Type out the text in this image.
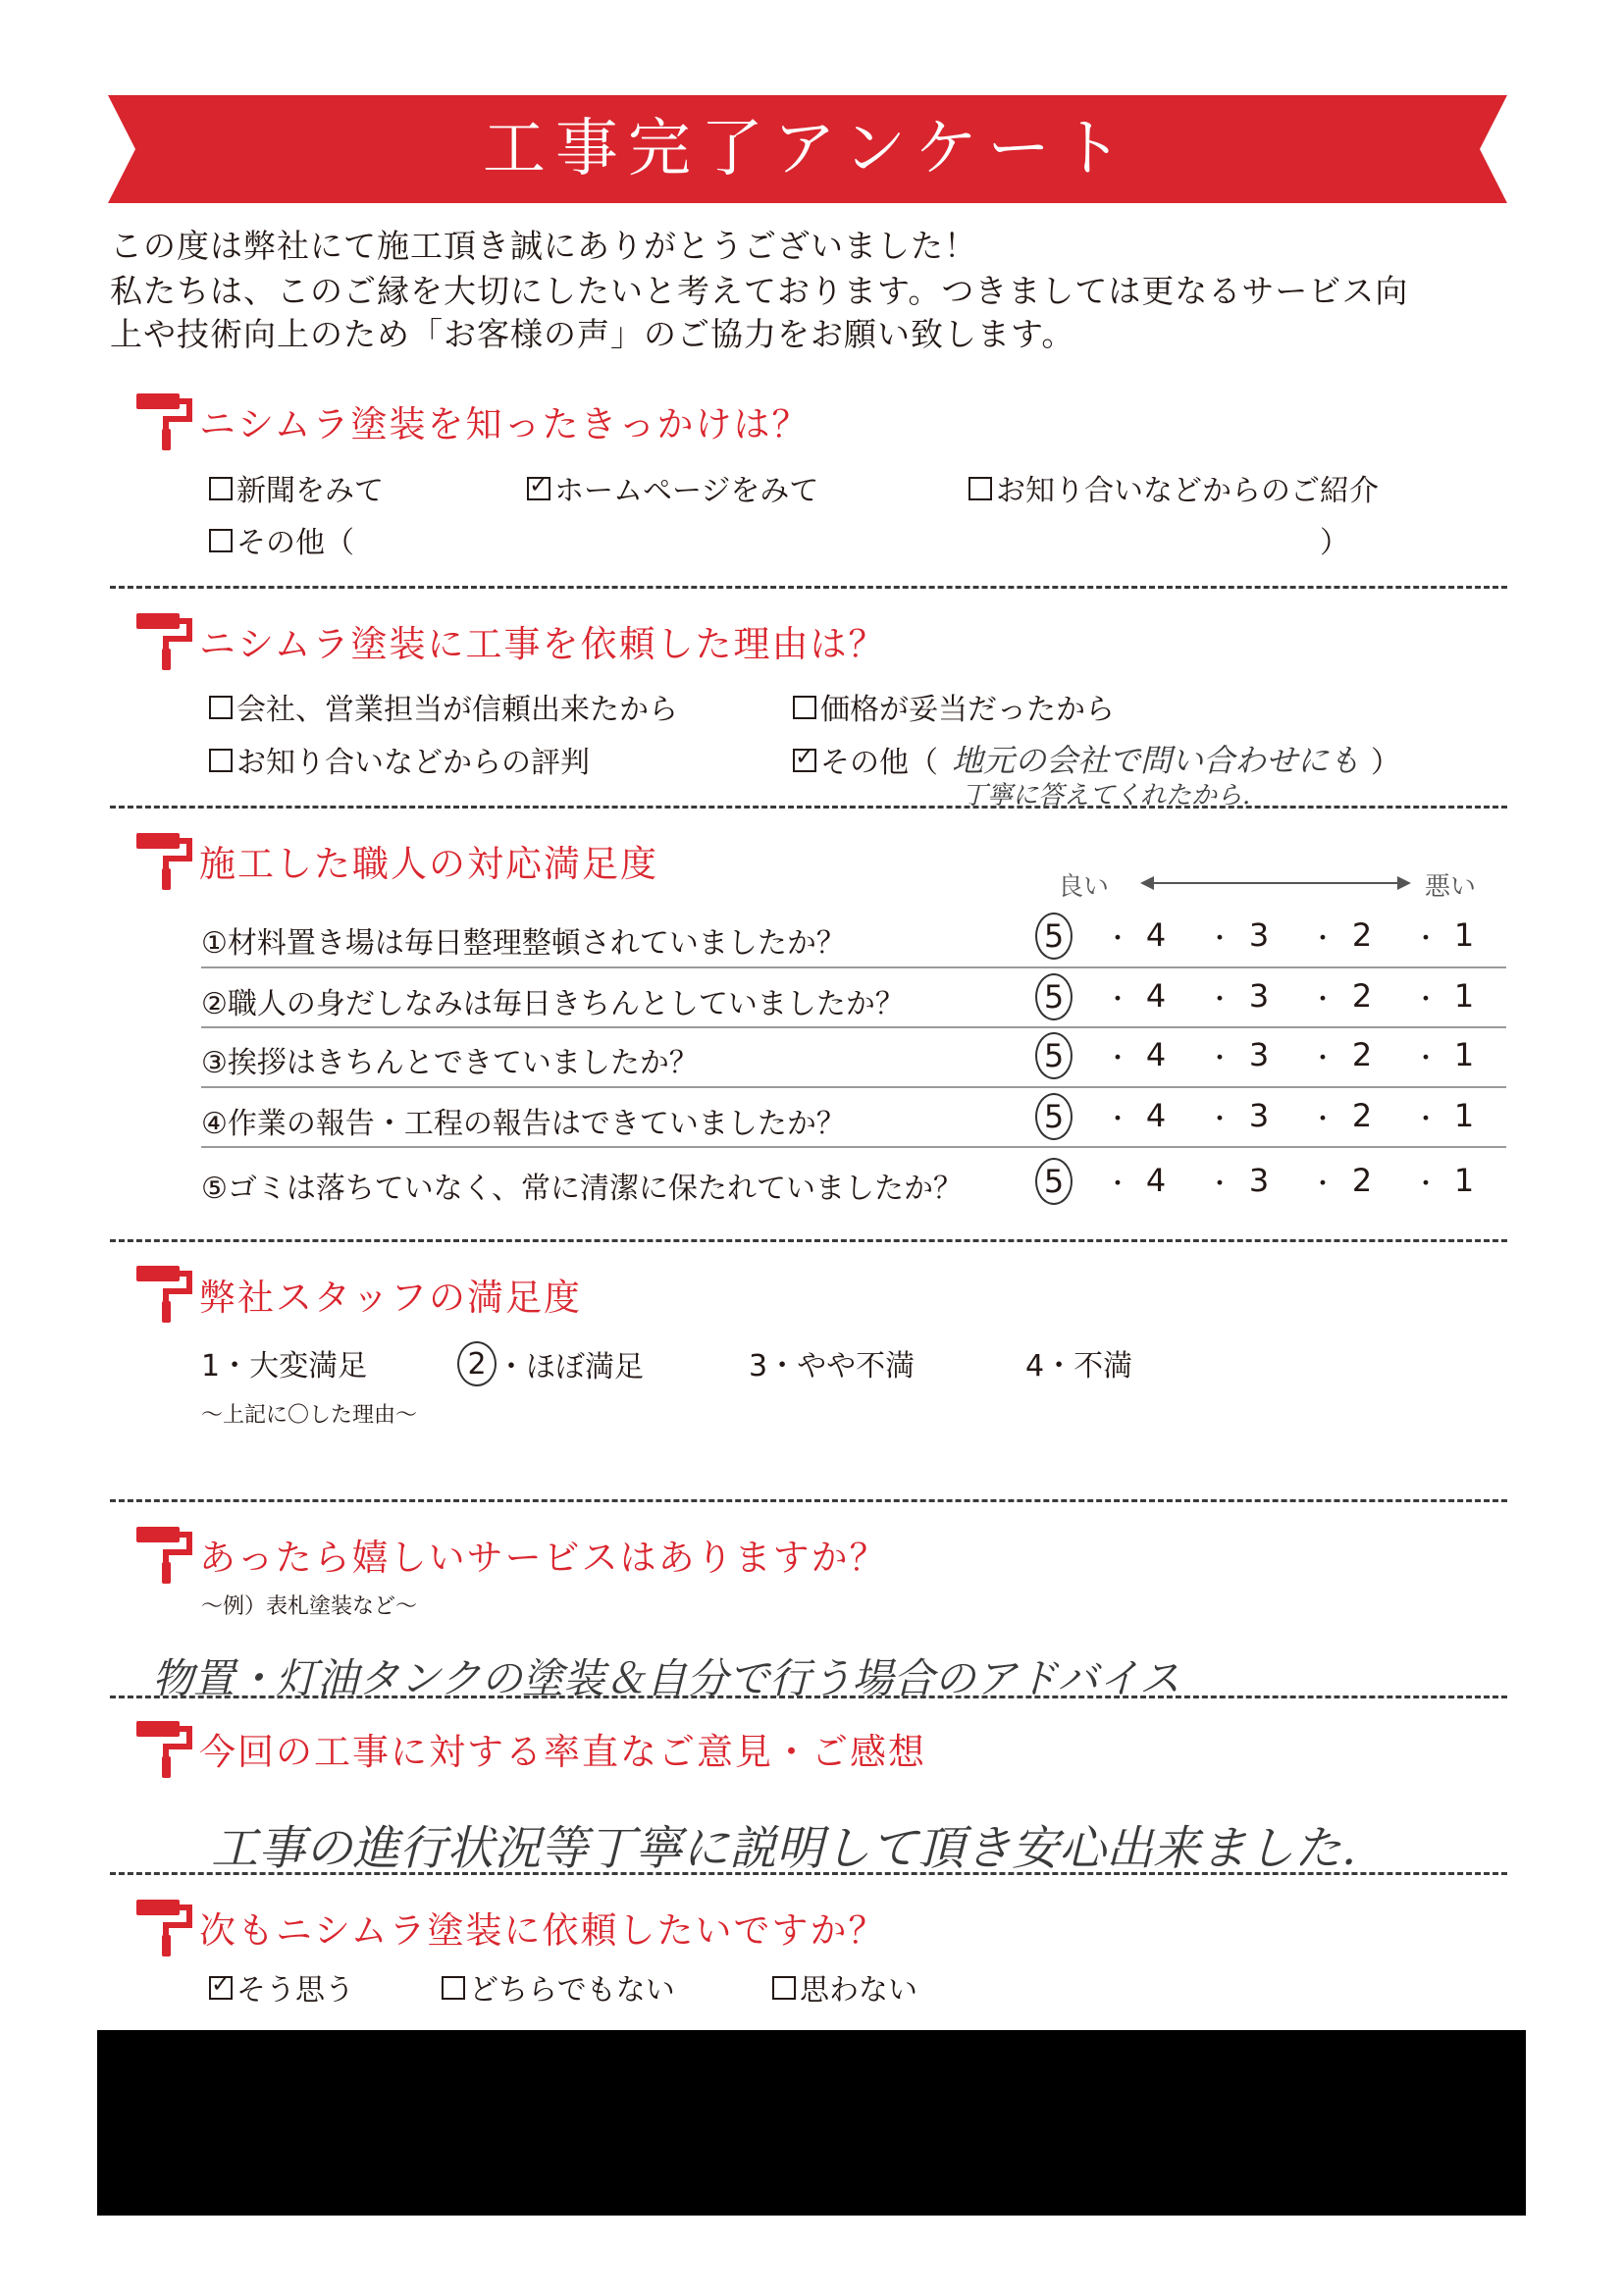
工事完了アンケート
この度は弊社にて施工頂き誠にありがとうございました！
私たちは、このご縁を大切にしたいと考えております。つきましては更なるサービス向
上や技術向上のため「お客様の声」のご協力をお願い致します。
ニシムラ塗装を知ったきっかけは？
新聞をみて ✓	ホームページをみて	お知り合いなどからのご紹介
その他（	）
ニシムラ塗装に工事を依頼した理由は？
会社、営業担当が信頼出来たから	価格が妥当だったから
お知り合いなどからの評判 ✓	その他（ 地元の会社で問い合わせにも ）
丁寧に答えてくれたから.
施工した職人の対応満足度
良い	悪い
①材料置き場は毎日整理整頓されていましたか？	5	・ 4	・ 3	・ 2	・ 1
②職人の身だしなみは毎日きちんとしていましたか？	5	・ 4	・ 3	・ 2	・ 1
③挨拶はきちんとできていましたか？	5	・ 4	・ 3	・ 2	・ 1
④作業の報告・工程の報告はできていましたか？	5	・ 4	・ 3	・ 2	・ 1
⑤ゴミは落ちていなく、常に清潔に保たれていましたか？	5	・ 4	・ 3	・ 2	・ 1
弊社スタッフの満足度
1・大変満足	2 ・ほぼ満足	3・やや不満	4・不満
～上記に〇した理由～
あったら嬉しいサービスはありますか？
～例）表札塗装など～
物置・灯油タンクの塗装＆自分で行う場合のアドバイス
今回の工事に対する率直なご意見・ご感想
工事の進行状況等丁寧に説明して頂き安心出来ました.
次もニシムラ塗装に依頼したいですか？
✓
そう思う	どちらでもない	思わない
